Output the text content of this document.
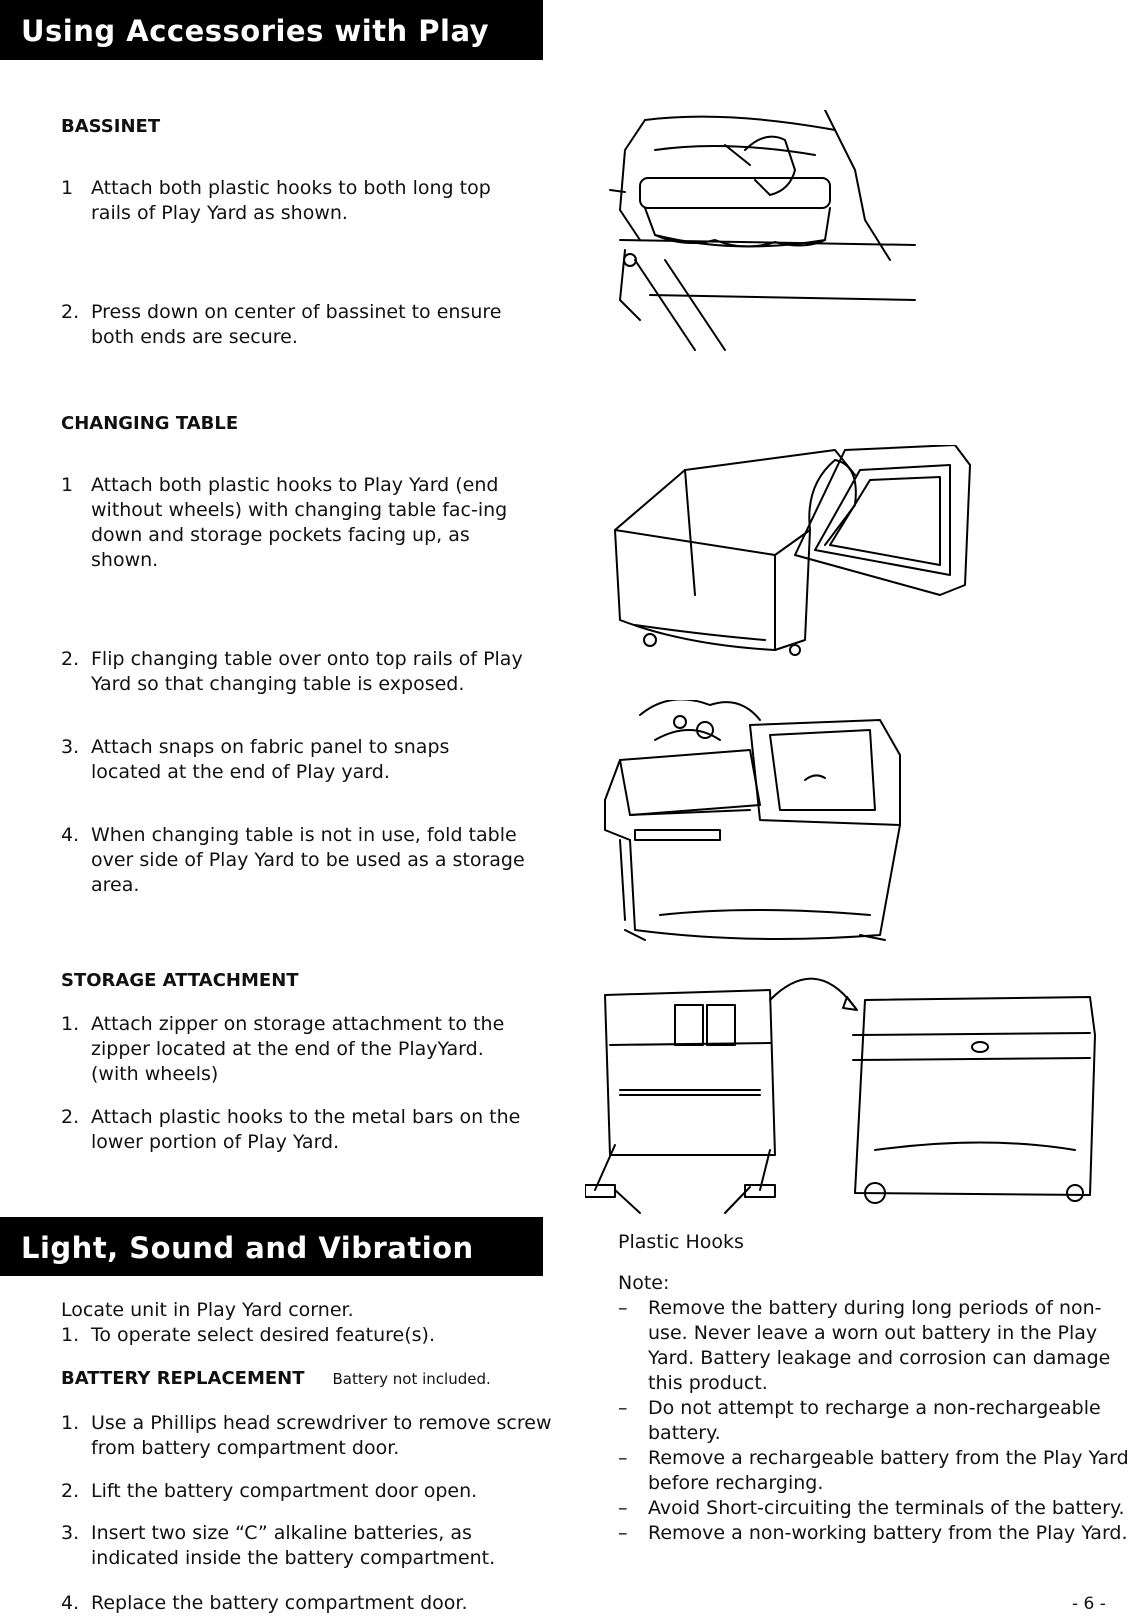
Using Accessories with Play Yard
BASSINET
1 Attach both plastic hooks to both long top rails of Play Yard as shown.
2. Press down on center of bassinet to ensure both ends are secure.
CHANGING TABLE
1 Attach both plastic hooks to Play Yard (end without wheels) with changing table fac-ing down and storage pockets facing up, as shown.
2. Flip changing table over onto top rails of Play Yard so that changing table is exposed.
3. Attach snaps on fabric panel to snaps located at the end of Play yard.
4. When changing table is not in use, fold table over side of Play Yard to be used as a storage area.
STORAGE ATTACHMENT
1. Attach zipper on storage attachment to the zipper located at the end of the PlayYard. (with wheels)
2. Attach plastic hooks to the metal bars on the lower portion of Play Yard.
Light, Sound and Vibration
Locate unit in Play Yard corner.
1. To operate select desired feature(s).
BATTERY REPLACEMENT Battery not included.
1. Use a Phillips head screwdriver to remove screw from battery compartment door.
2. Lift the battery compartment door open.
3. Insert two size “C” alkaline batteries, as indicated inside the battery compartment.
4. Replace the battery compartment door.
Plastic Hooks
Note:
– Remove the battery during long periods of non-use. Never leave a worn out battery in the Play Yard. Battery leakage and corrosion can damage this product.
– Do not attempt to recharge a non-rechargeable battery.
– Remove a rechargeable battery from the Play Yard before recharging.
– Avoid Short-circuiting the terminals of the battery.
– Remove a non-working battery from the Play Yard.
- 6 -
